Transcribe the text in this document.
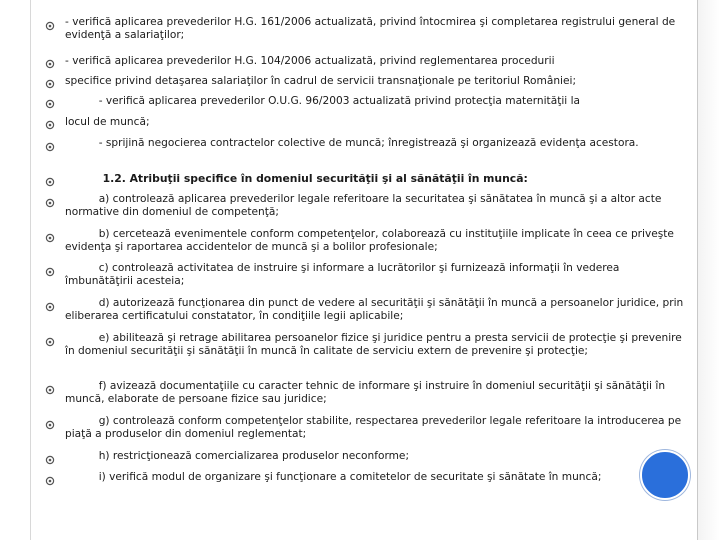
- verifică aplicarea prevederilor H.G. 161/2006 actualizată, privind întocmirea şi completarea registrului general de evidenţă a salariaţilor;
- verifică aplicarea prevederilor H.G. 104/2006 actualizată, privind reglementarea procedurii
specifice privind detaşarea salariaţilor în cadrul de servicii transnaţionale pe teritoriul României;
- verifică aplicarea prevederilor O.U.G. 96/2003 actualizată privind protecţia maternităţii la
locul de muncă;
- sprijină negocierea contractelor colective de muncă; înregistrează şi organizează evidenţa acestora.
1.2. Atribuţii specifice în domeniul securităţii şi al sănătăţii în muncă:
a) controlează aplicarea prevederilor legale referitoare la securitatea şi sănătatea în muncă şi a altor acte normative din domeniul de competenţă;
b) cercetează evenimentele conform competenţelor, colaborează cu instituţiile implicate în ceea ce priveşte evidenţa şi raportarea accidentelor de muncă şi a bolilor profesionale;
c) controlează activitatea de instruire şi informare a lucrătorilor şi furnizează informaţii în vederea îmbunătăţirii acesteia;
d) autorizează funcţionarea din punct de vedere al securităţii şi sănătăţii în muncă a persoanelor juridice, prin eliberarea certificatului constatator, în condiţiile legii aplicabile;
e) abilitează şi retrage abilitarea persoanelor fizice şi juridice pentru a presta servicii de protecţie şi prevenire în domeniul securităţii şi sănătăţii în muncă în calitate de serviciu extern de prevenire şi protecţie;
f) avizează documentaţiile cu caracter tehnic de informare şi instruire în domeniul securităţii şi sănătăţii în muncă, elaborate de persoane fizice sau juridice;
g) controlează conform competenţelor stabilite, respectarea prevederilor legale referitoare la introducerea pe piaţă a produselor din domeniul reglementat;
h) restricţionează comercializarea produselor neconforme;
i) verifică modul de organizare şi funcţionare a comitetelor de securitate şi sănătate în muncă;
